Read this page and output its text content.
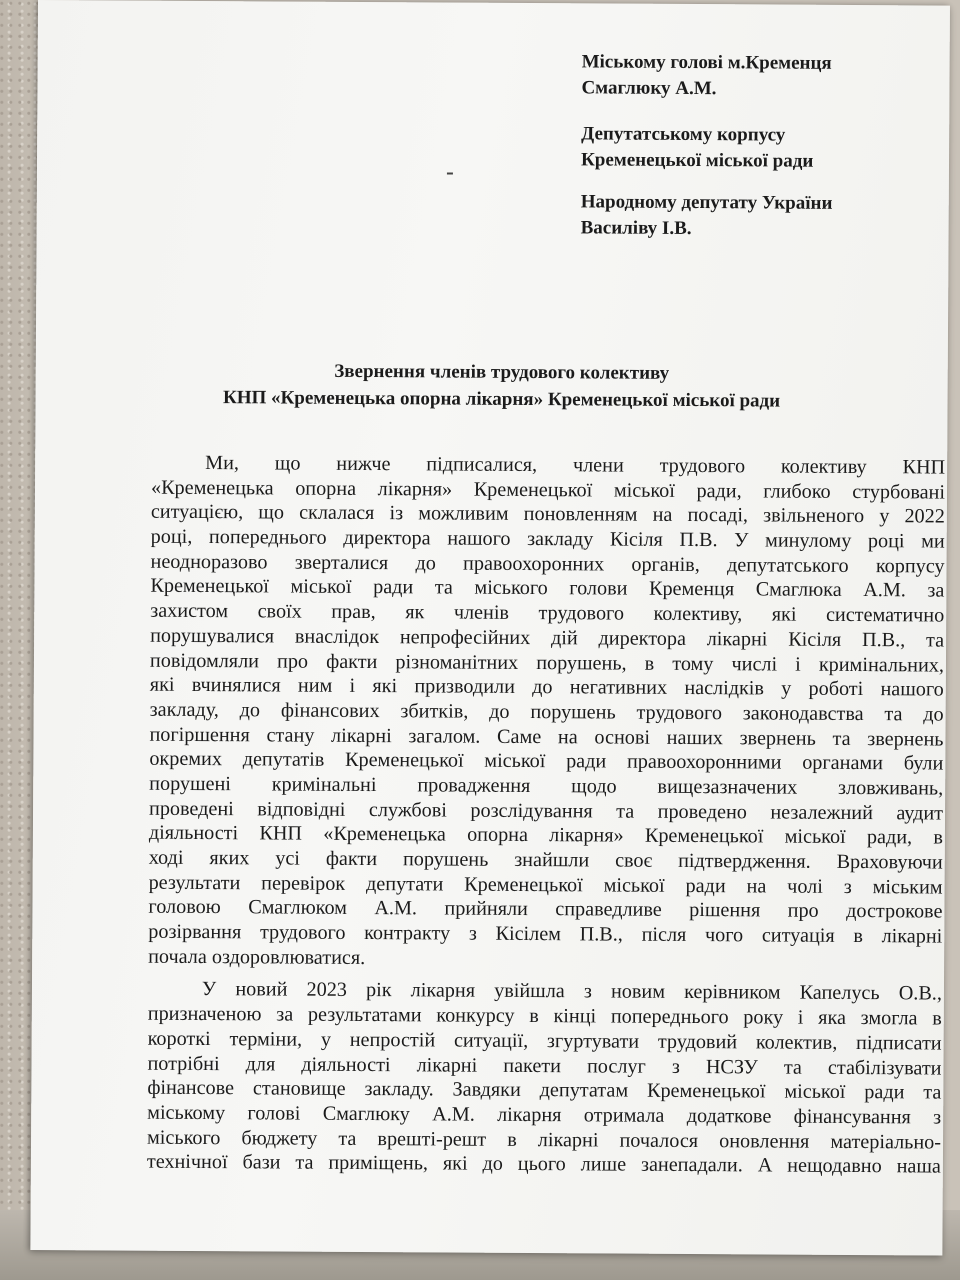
Міському голові м.Кременця
Смаглюку А.М.
Депутатському корпусу
Кременецької міської ради
Народному депутату України
Василіву І.В.
Звернення членів трудового колективу
КНП «Кременецька опорна лікарня» Кременецької міської ради
Ми, що нижче підписалися, члени трудового колективу КНП
«Кременецька опорна лікарня» Кременецької міської ради, глибоко стурбовані
ситуацією, що склалася із можливим поновленням на посаді, звільненого у 2022
році, попереднього директора нашого закладу Кісіля П.В. У минулому році ми
неодноразово зверталися до правоохоронних органів, депутатського корпусу
Кременецької міської ради та міського голови Кременця Смаглюка А.М. за
захистом своїх прав, як членів трудового колективу, які систематично
порушувалися внаслідок непрофесійних дій директора лікарні Кісіля П.В., та
повідомляли про факти різноманітних порушень, в тому числі і кримінальних,
які вчинялися ним і які призводили до негативних наслідків у роботі нашого
закладу, до фінансових збитків, до порушень трудового законодавства та до
погіршення стану лікарні загалом. Саме на основі наших звернень та звернень
окремих депутатів Кременецької міської ради правоохоронними органами були
порушені кримінальні провадження щодо вищезазначених зловживань,
проведені відповідні службові розслідування та проведено незалежний аудит
діяльності КНП «Кременецька опорна лікарня» Кременецької міської ради, в
ході яких усі факти порушень знайшли своє підтвердження. Враховуючи
результати перевірок депутати Кременецької міської ради на чолі з міським
головою Смаглюком А.М. прийняли справедливе рішення про дострокове
розірвання трудового контракту з Кісілем П.В., після чого ситуація в лікарні
почала оздоровлюватися.
У новий 2023 рік лікарня увійшла з новим керівником Капелусь О.В.,
призначеною за результатами конкурсу в кінці попереднього року і яка змогла в
короткі терміни, у непростій ситуації, згуртувати трудовий колектив, підписати
потрібні для діяльності лікарні пакети послуг з НСЗУ та стабілізувати
фінансове становище закладу. Завдяки депутатам Кременецької міської ради та
міському голові Смаглюку А.М. лікарня отримала додаткове фінансування з
міського бюджету та врешті-решт в лікарні почалося оновлення матеріально-
технічної бази та приміщень, які до цього лише занепадали. А нещодавно наша
